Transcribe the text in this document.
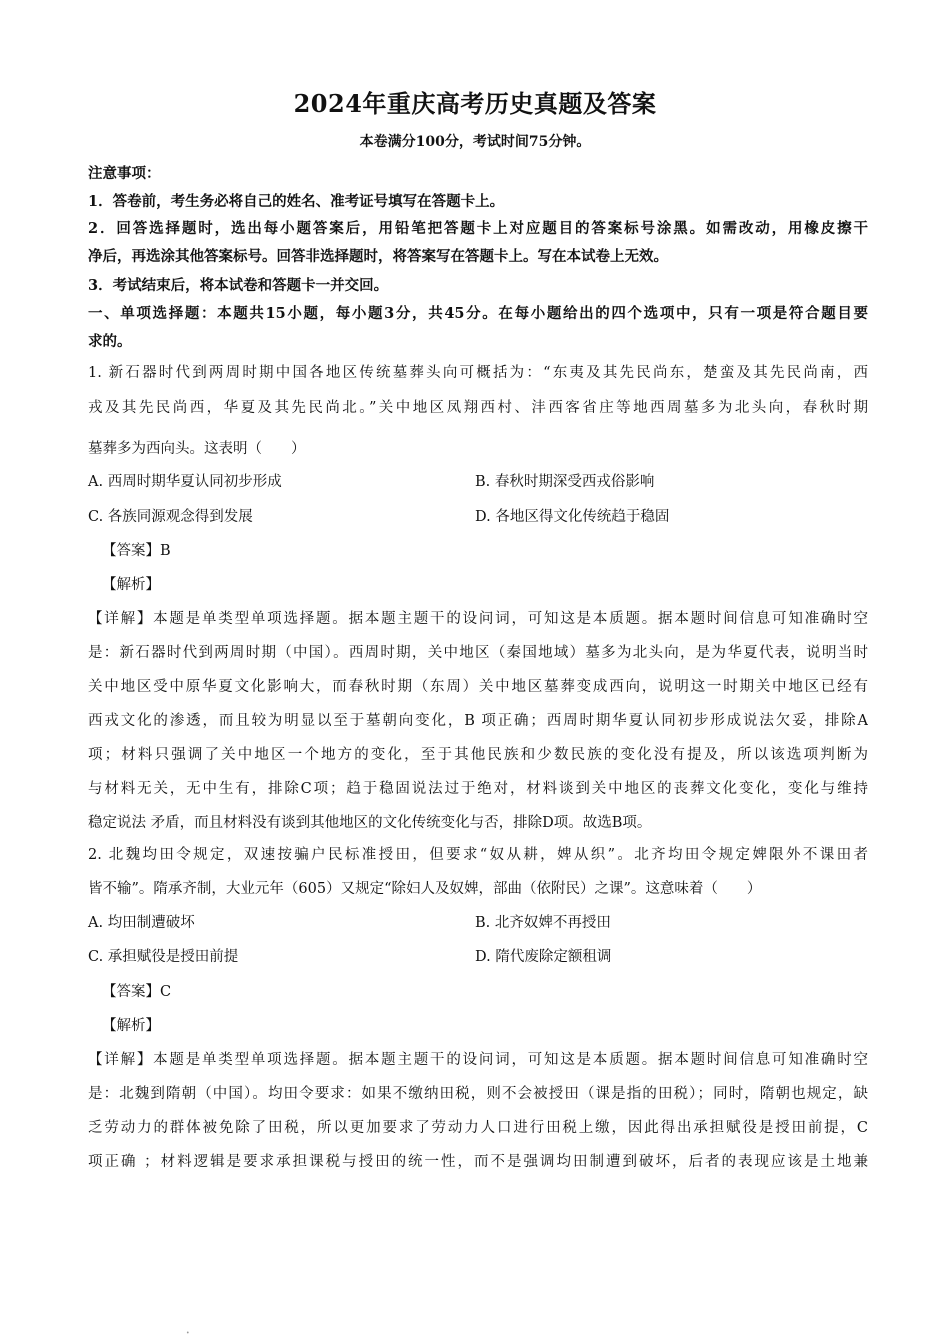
2024年重庆高考历史真题及答案
本卷满分100分，考试时间75分钟。
注意事项：
1．答卷前，考生务必将自己的姓名、准考证号填写在答题卡上。
2．回答选择题时，选出每小题答案后，用铅笔把答题卡上对应题目的答案标号涂黑。如需改动，用橡皮擦干
净后，再选涂其他答案标号。回答非选择题时，将答案写在答题卡上。写在本试卷上无效。
3．考试结束后，将本试卷和答题卡一并交回。
一、单项选择题：本题共15小题，每小题3分，共45分。在每小题给出的四个选项中，只有一项是符合题目要
求的。
1. 新石器时代到两周时期中国各地区传统墓葬头向可概括为：“东夷及其先民尚东，楚蛮及其先民尚南，西
戎及其先民尚西，华夏及其先民尚北。”关中地区凤翔西村、沣西客省庄等地西周墓多为北头向，春秋时期
墓葬多为西向头。这表明（　　）
A. 西周时期华夏认同初步形成	B. 春秋时期深受西戎俗影响
C. 各族同源观念得到发展	D. 各地区得文化传统趋于稳固
【答案】B
【解析】
【详解】本题是单类型单项选择题。据本题主题干的设问词，可知这是本质题。据本题时间信息可知准确时空
是：新石器时代到两周时期（中国）。西周时期，关中地区（秦国地域）墓多为北头向，是为华夏代表，说明当时
关中地区受中原华夏文化影响大，而春秋时期（东周）关中地区墓葬变成西向，说明这一时期关中地区已经有
西戎文化的渗透，而且较为明显以至于墓朝向变化，B 项正确；西周时期华夏认同初步形成说法欠妥，排除A
项；材料只强调了关中地区一个地方的变化，至于其他民族和少数民族的变化没有提及，所以该选项判断为
与材料无关，无中生有，排除C项；趋于稳固说法过于绝对，材料谈到关中地区的丧葬文化变化，变化与维持
稳定说法 矛盾，而且材料没有谈到其他地区的文化传统变化与否，排除D项。故选B项。
2. 北魏均田令规定，双速按骗户民标准授田，但要求“奴从耕，婢从织”。北齐均田令规定婢限外不课田者
皆不输”。隋承齐制，大业元年（605）又规定“除妇人及奴婢，部曲（依附民）之课”。这意味着（　　）
A. 均田制遭破坏	B. 北齐奴婢不再授田
C. 承担赋役是授田前提	D. 隋代废除定额租调
【答案】C
【解析】
【详解】本题是单类型单项选择题。据本题主题干的设问词，可知这是本质题。据本题时间信息可知准确时空
是：北魏到隋朝（中国）。均田令要求：如果不缴纳田税，则不会被授田（课是指的田税）；同时，隋朝也规定，缺
乏劳动力的群体被免除了田税，所以更加要求了劳动力人口进行田税上缴，因此得出承担赋役是授田前提，C
项正确 ；材料逻辑是要求承担课税与授田的统一性，而不是强调均田制遭到破坏，后者的表现应该是土地兼
•
